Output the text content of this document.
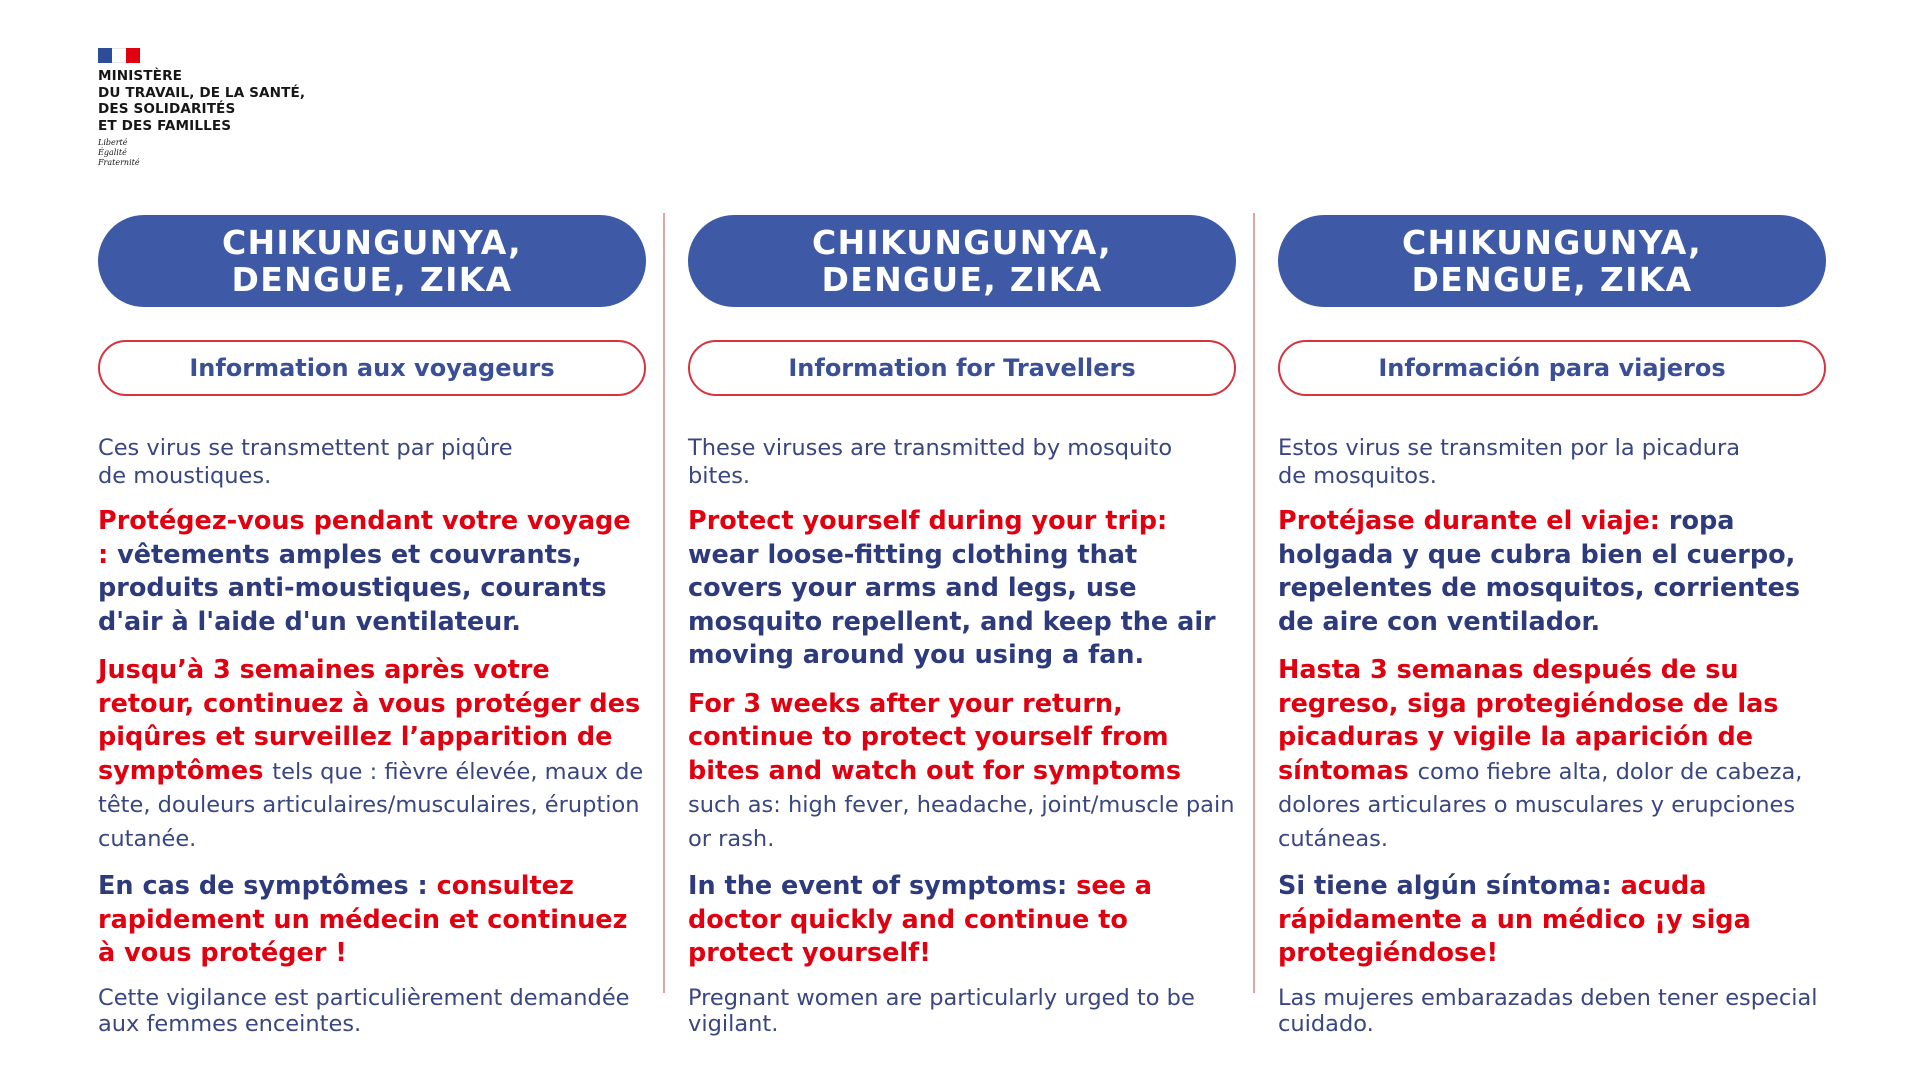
MINISTÈRE
DU TRAVAIL, DE LA SANTÉ,
DES SOLIDARITÉS
ET DES FAMILLES
Liberté
Égalité
Fraternité
CHIKUNGUNYA,
DENGUE, ZIKA
Information aux voyageurs
Ces virus se transmettent par piqûre
de moustiques.
Protégez-vous pendant votre voyage : vêtements amples et couvrants, produits anti-moustiques, courants d'air à l'aide d'un ventilateur.
Jusqu’à 3 semaines après votre retour, continuez à vous protéger des piqûres et surveillez l’apparition de symptômes tels que : fièvre élevée, maux de tête, douleurs articulaires/musculaires, éruption cutanée.
En cas de symptômes : consultez rapidement un médecin et continuez à vous protéger !
Cette vigilance est particulièrement demandée
aux femmes enceintes.
CHIKUNGUNYA,
DENGUE, ZIKA
Information for Travellers
These viruses are transmitted by mosquito
bites.
Protect yourself during your trip: wear loose-fitting clothing that covers your arms and legs, use mosquito repellent, and keep the air moving around you using a fan.
For 3 weeks after your return, continue to protect yourself from bites and watch out for symptoms such as: high fever, headache, joint/muscle pain or rash.
In the event of symptoms: see a doctor quickly and continue to protect yourself!
Pregnant women are particularly urged to be
vigilant.
CHIKUNGUNYA,
DENGUE, ZIKA
Información para viajeros
Estos virus se transmiten por la picadura
de mosquitos.
Protéjase durante el viaje: ropa holgada y que cubra bien el cuerpo, repelentes de mosquitos, corrientes de aire con ventilador.
Hasta 3 semanas después de su regreso, siga protegiéndose de las picaduras y vigile la aparición de síntomas como fiebre alta, dolor de cabeza, dolores articulares o musculares y erupciones cutáneas.
Si tiene algún síntoma: acuda rápidamente a un médico ¡y siga protegiéndose!
Las mujeres embarazadas deben tener especial
cuidado.
